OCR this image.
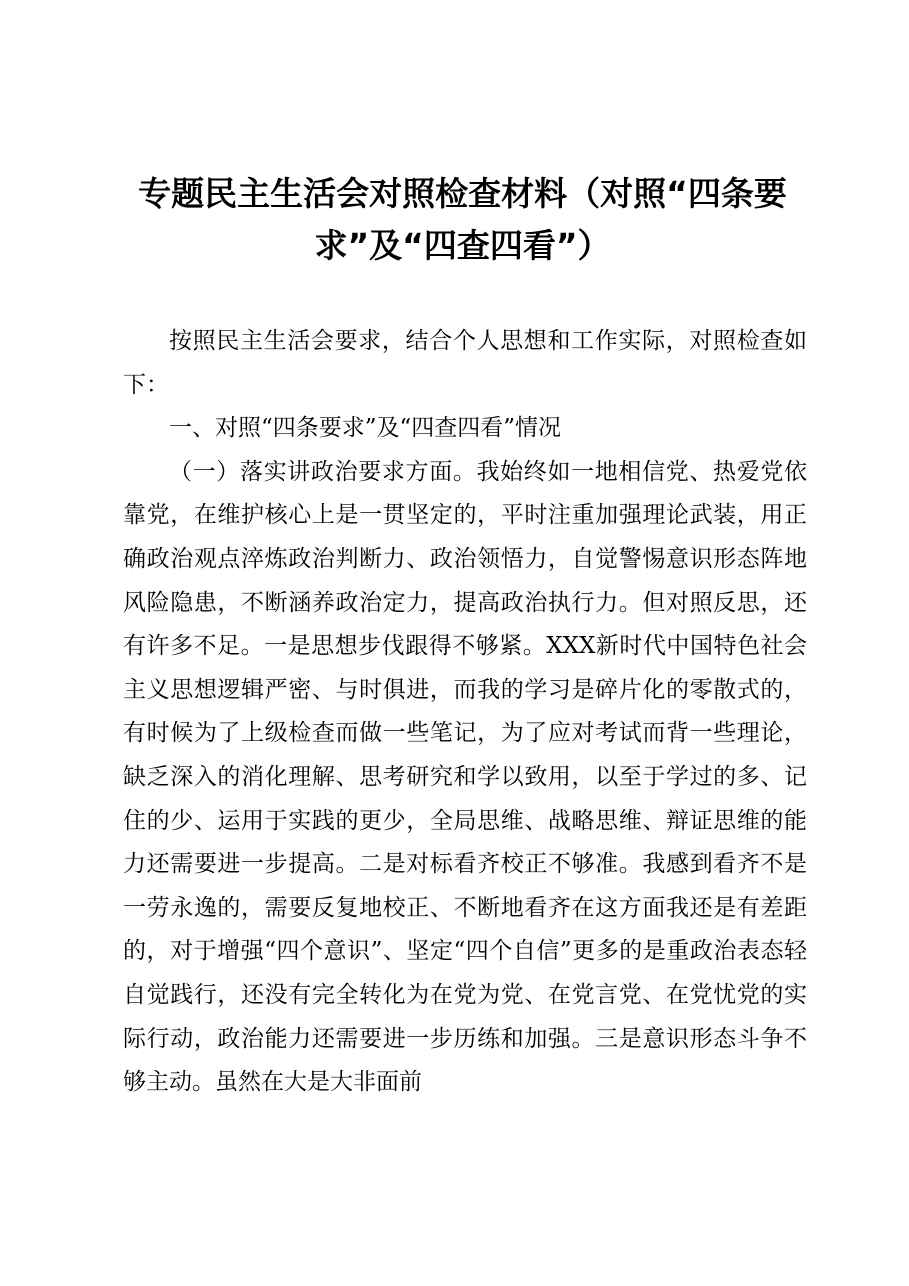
专题民主生活会对照检查材料（对照“四条要求”及“四查四看”）

按照民主生活会要求，结合个人思想和工作实际，对照检查如下：

一、对照“四条要求”及“四查四看”情况

（一）落实讲政治要求方面。我始终如一地相信党、热爱党依靠党，在维护核心上是一贯坚定的，平时注重加强理论武装，用正确政治观点淬炼政治判断力、政治领悟力，自觉警惕意识形态阵地风险隐患，不断涵养政治定力，提高政治执行力。但对照反思，还有许多不足。一是思想步伐跟得不够紧。XXX新时代中国特色社会主义思想逻辑严密、与时俱进，而我的学习是碎片化的零散式的，有时候为了上级检查而做一些笔记，为了应对考试而背一些理论，缺乏深入的消化理解、思考研究和学以致用，以至于学过的多、记住的少、运用于实践的更少，全局思维、战略思维、辩证思维的能力还需要进一步提高。二是对标看齐校正不够准。我感到看齐不是一劳永逸的，需要反复地校正、不断地看齐在这方面我还是有差距的，对于增强“四个意识”、坚定“四个自信”更多的是重政治表态轻自觉践行，还没有完全转化为在党为党、在党言党、在党忧党的实际行动，政治能力还需要进一步历练和加强。三是意识形态斗争不够主动。虽然在大是大非面前
